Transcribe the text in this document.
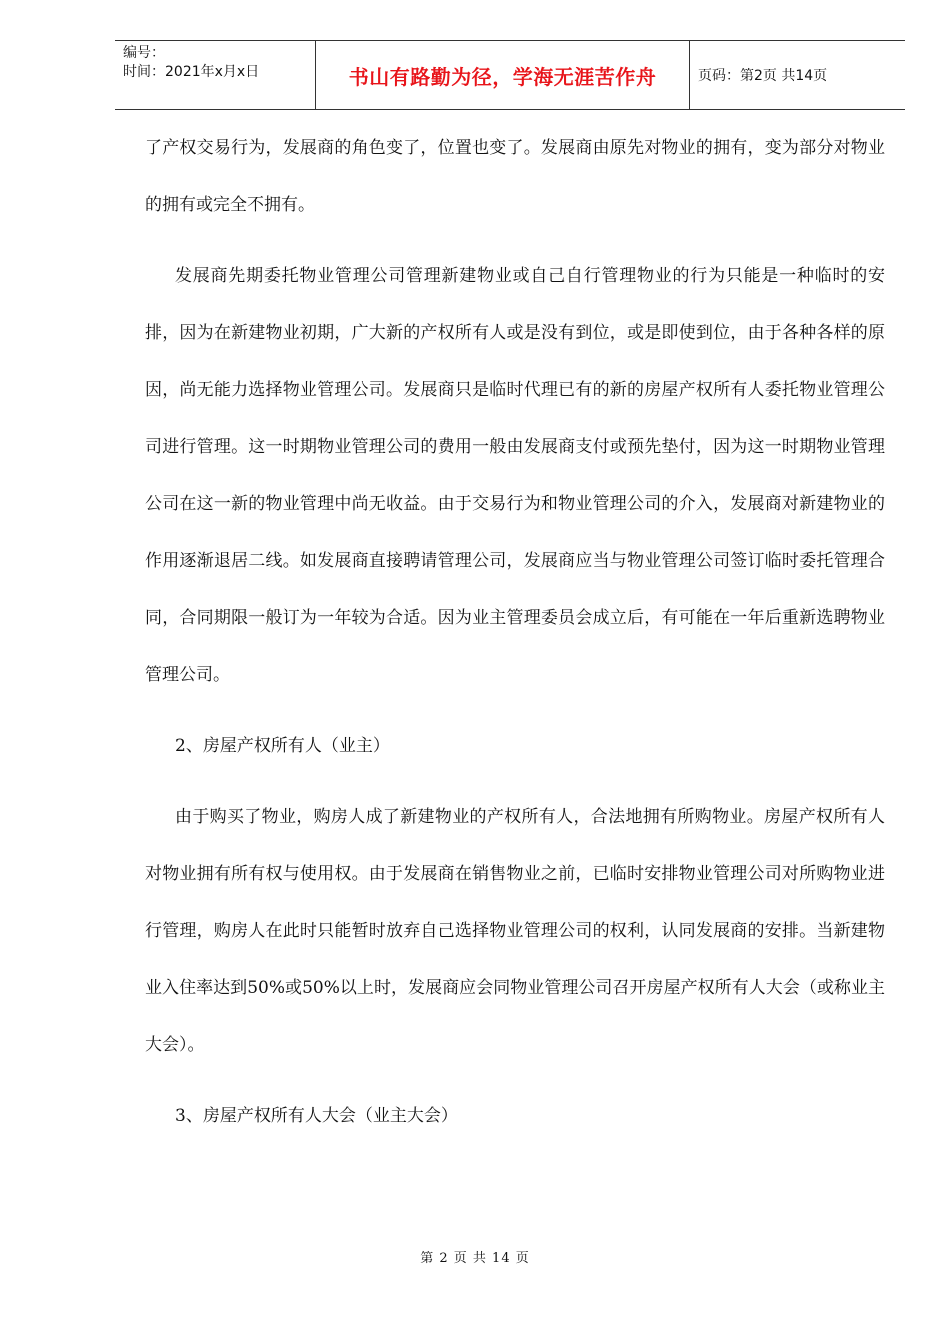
编号：
时间：2021年x月x日	书山有路勤为径，学海无涯苦作舟	页码：第2页 共14页

了产权交易行为，发展商的角色变了，位置也变了。发展商由原先对物业的拥有，变为部分对物业的拥有或完全不拥有。

发展商先期委托物业管理公司管理新建物业或自己自行管理物业的行为只能是一种临时的安排，因为在新建物业初期，广大新的产权所有人或是没有到位，或是即使到位，由于各种各样的原因，尚无能力选择物业管理公司。发展商只是临时代理已有的新的房屋产权所有人委托物业管理公司进行管理。这一时期物业管理公司的费用一般由发展商支付或预先垫付，因为这一时期物业管理公司在这一新的物业管理中尚无收益。由于交易行为和物业管理公司的介入，发展商对新建物业的作用逐渐退居二线。如发展商直接聘请管理公司，发展商应当与物业管理公司签订临时委托管理合同，合同期限一般订为一年较为合适。因为业主管理委员会成立后，有可能在一年后重新选聘物业管理公司。

2、房屋产权所有人（业主）

由于购买了物业，购房人成了新建物业的产权所有人，合法地拥有所购物业。房屋产权所有人对物业拥有所有权与使用权。由于发展商在销售物业之前，已临时安排物业管理公司对所购物业进行管理，购房人在此时只能暂时放弃自己选择物业管理公司的权利，认同发展商的安排。当新建物业入住率达到50%或50%以上时，发展商应会同物业管理公司召开房屋产权所有人大会（或称业主大会）。

3、房屋产权所有人大会（业主大会）

第 2 页 共 14 页
